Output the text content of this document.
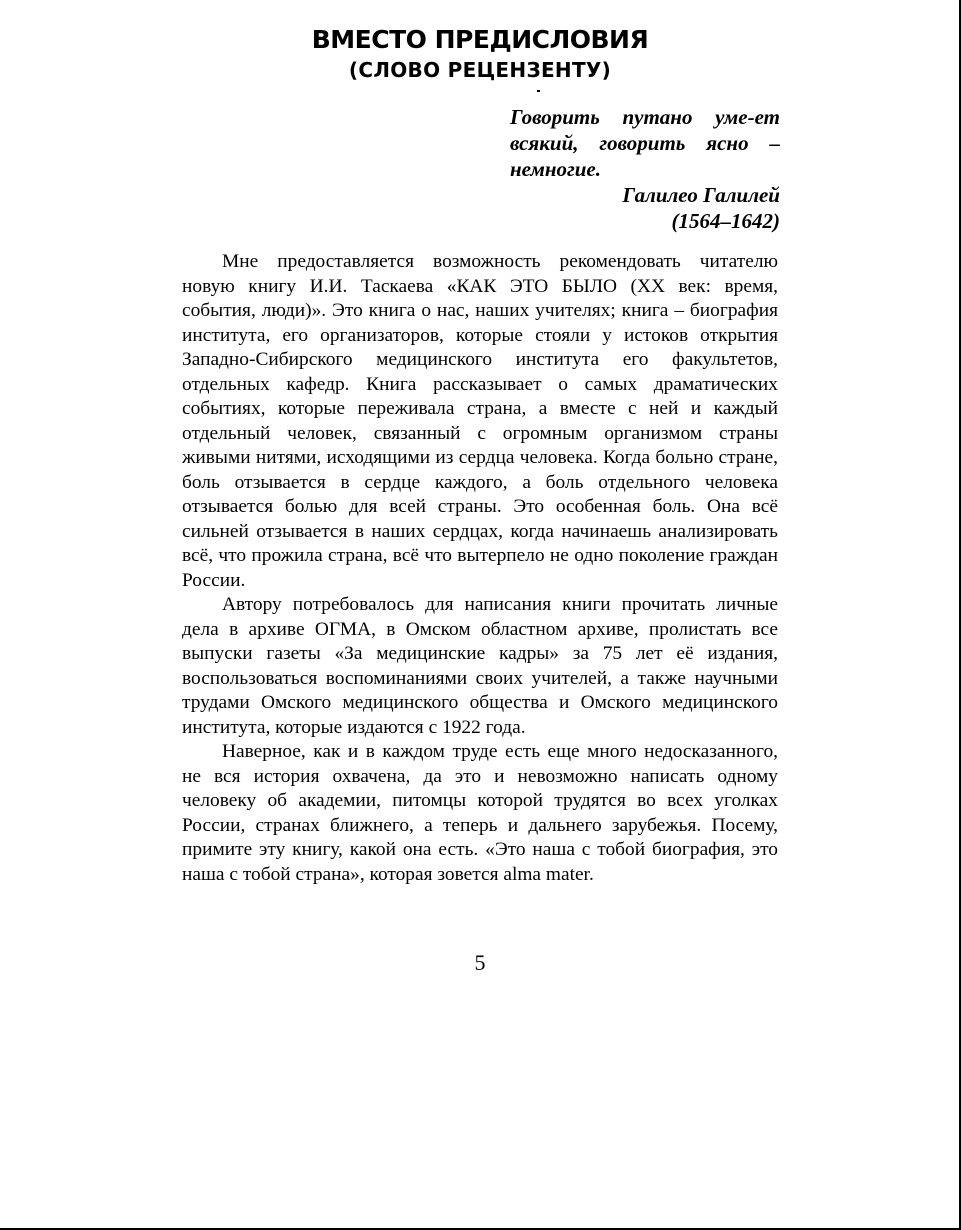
ВМЕСТО ПРЕДИСЛОВИЯ
(СЛОВО РЕЦЕНЗЕНТУ)
Говорить путано уме-ет всякий, говорить ясно – немногие.
Галилео Галилей
(1564–1642)

Мне предоставляется возможность рекомендовать читателю новую книгу И.И. Таскаева «КАК ЭТО БЫЛО (XX век: время, события, люди)». Это книга о нас, наших учителях; книга – биография института, его организаторов, которые стояли у истоков открытия Западно-Сибирского медицинского института его факультетов, отдельных кафедр. Книга рассказывает о самых драматических событиях, которые переживала страна, а вместе с ней и каждый отдельный человек, связанный с огромным организмом страны живыми нитями, исходящими из сердца человека. Когда больно стране, боль отзывается в сердце каждого, а боль отдельного человека отзывается болью для всей страны. Это особенная боль. Она всё сильней отзывается в наших сердцах, когда начинаешь анализировать всё, что прожила страна, всё что вытерпело не одно поколение граждан России.

Автору потребовалось для написания книги прочитать личные дела в архиве ОГМА, в Омском областном архиве, пролистать все выпуски газеты «За медицинские кадры» за 75 лет её издания, воспользоваться воспоминаниями своих учителей, а также научными трудами Омского медицинского общества и Омского медицинского института, которые издаются с 1922 года.

Наверное, как и в каждом труде есть еще много недосказанного, не вся история охвачена, да это и невозможно написать одному человеку об академии, питомцы которой трудятся во всех уголках России, странах ближнего, а теперь и дальнего зарубежья. Посему, примите эту книгу, какой она есть. «Это наша с тобой биография, это наша с тобой страна», которая зовется alma mater.

5
